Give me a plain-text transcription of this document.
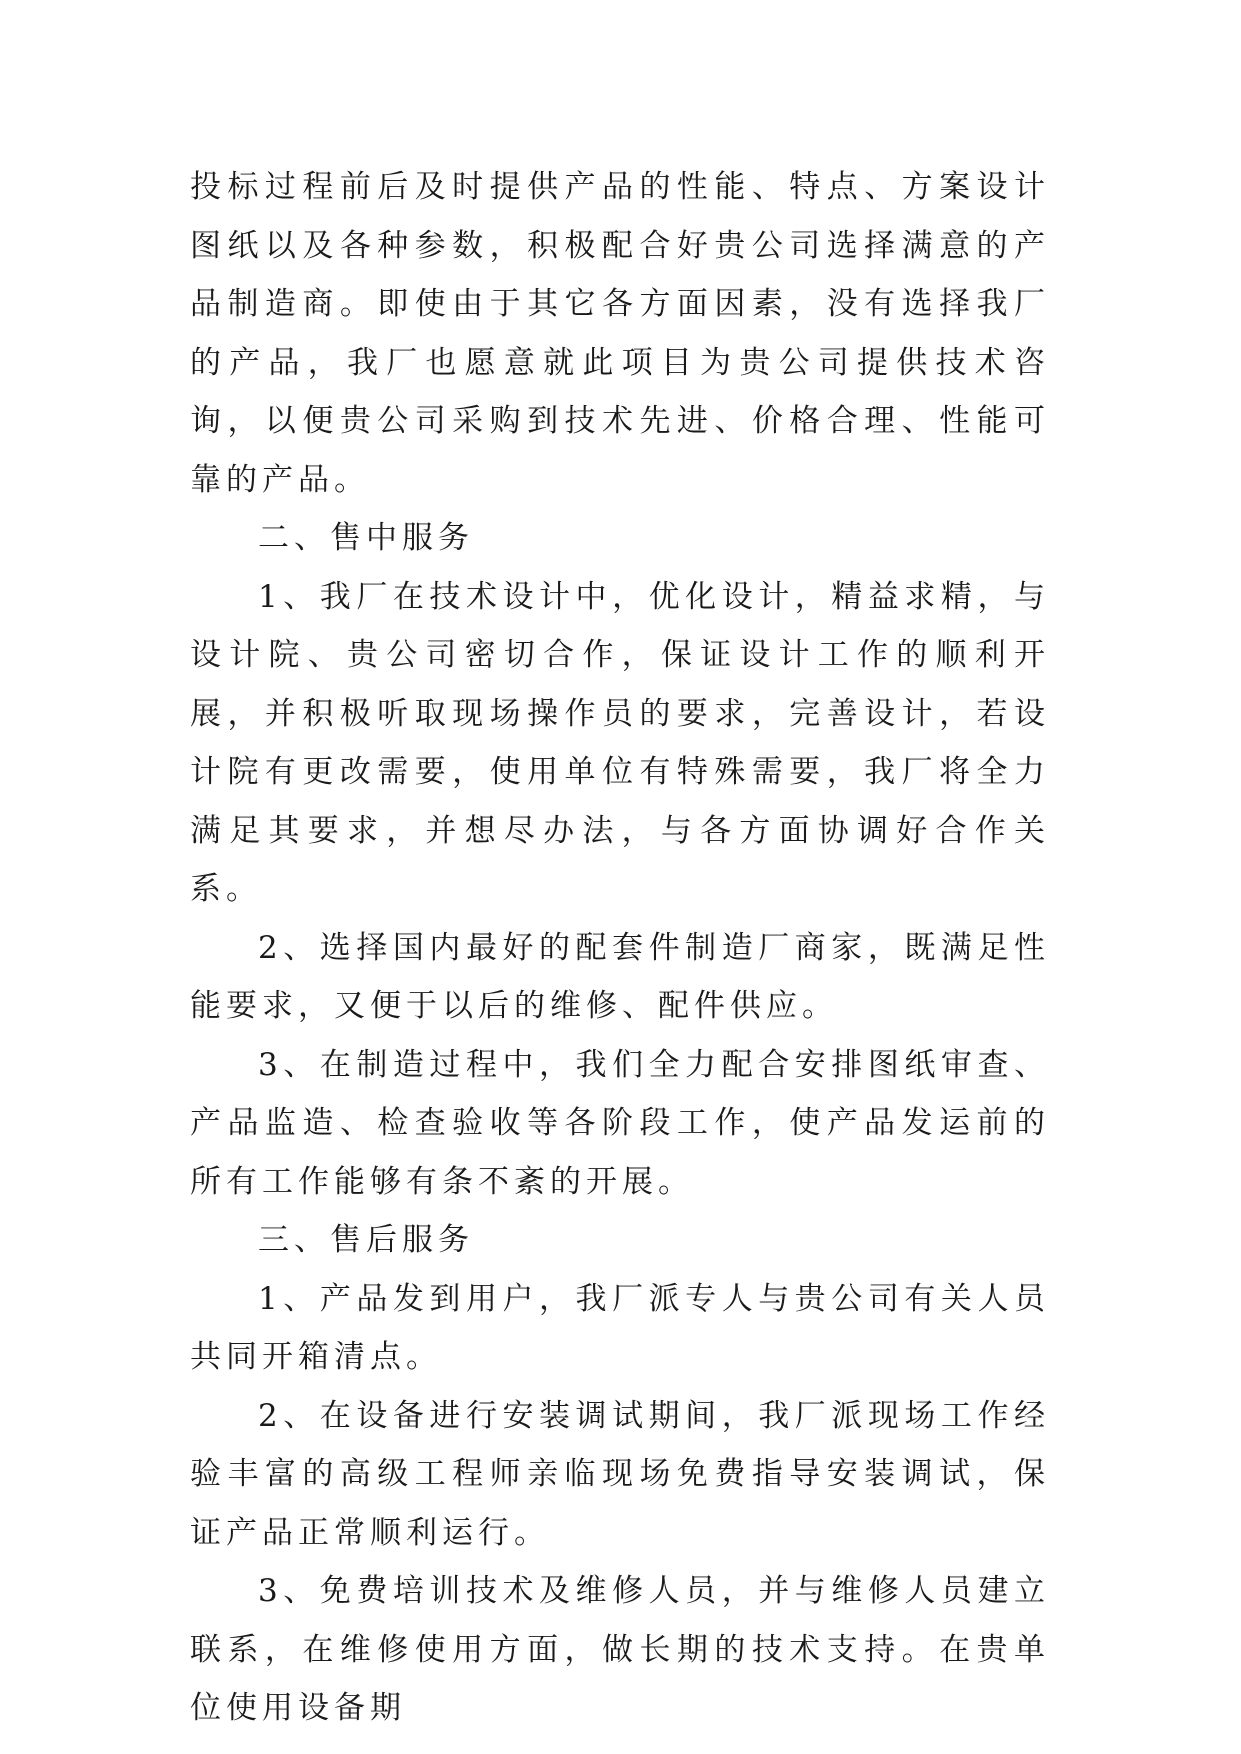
投标过程前后及时提供产品的性能、特点、方案设计图纸以及各种参数，积极配合好贵公司选择满意的产品制造商。即使由于其它各方面因素，没有选择我厂的产品，我厂也愿意就此项目为贵公司提供技术咨询，以便贵公司采购到技术先进、价格合理、性能可靠的产品。

二、售中服务

1、我厂在技术设计中，优化设计，精益求精，与设计院、贵公司密切合作，保证设计工作的顺利开展，并积极听取现场操作员的要求，完善设计，若设计院有更改需要，使用单位有特殊需要，我厂将全力满足其要求，并想尽办法，与各方面协调好合作关系。

2、选择国内最好的配套件制造厂商家，既满足性能要求，又便于以后的维修、配件供应。

3、在制造过程中，我们全力配合安排图纸审查、产品监造、检查验收等各阶段工作，使产品发运前的所有工作能够有条不紊的开展。

三、售后服务

1、产品发到用户，我厂派专人与贵公司有关人员共同开箱清点。

2、在设备进行安装调试期间，我厂派现场工作经验丰富的高级工程师亲临现场免费指导安装调试，保证产品正常顺利运行。

3、免费培训技术及维修人员，并与维修人员建立联系，在维修使用方面，做长期的技术支持。在贵单位使用设备期
